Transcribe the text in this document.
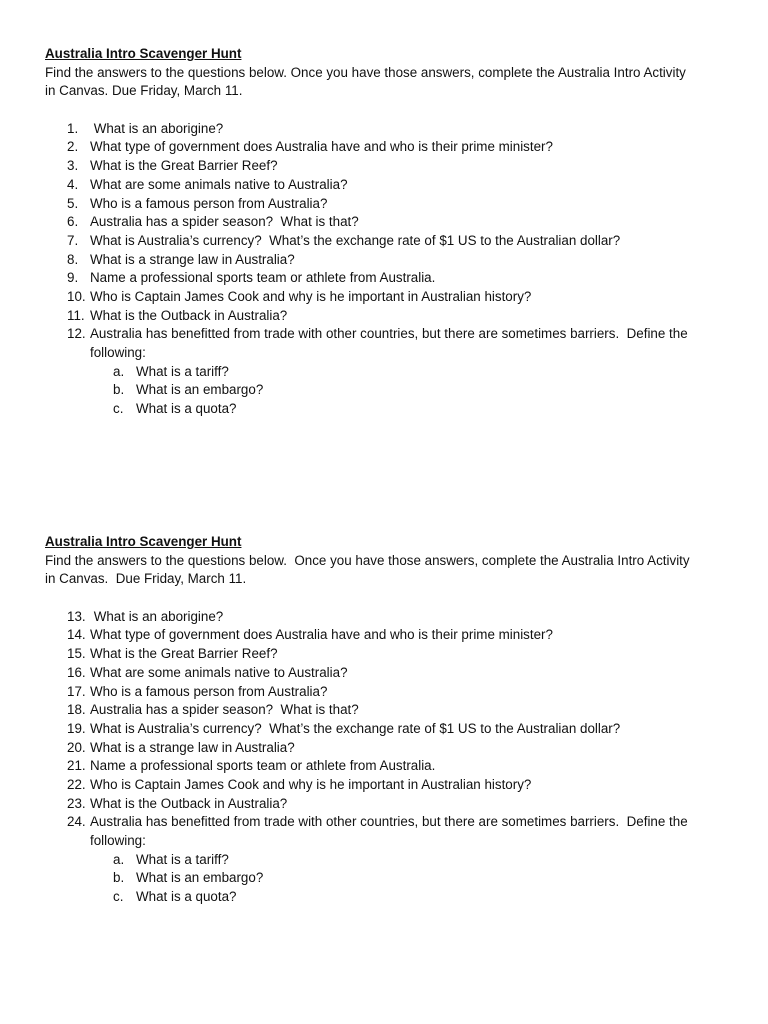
Australia Intro Scavenger Hunt
Find the answers to the questions below. Once you have those answers, complete the Australia Intro Activity
in Canvas. Due Friday, March 11.
1. What is an aborigine?
2. What type of government does Australia have and who is their prime minister?
3. What is the Great Barrier Reef?
4. What are some animals native to Australia?
5. Who is a famous person from Australia?
6. Australia has a spider season?  What is that?
7. What is Australia’s currency?  What’s the exchange rate of $1 US to the Australian dollar?
8. What is a strange law in Australia?
9. Name a professional sports team or athlete from Australia.
10. Who is Captain James Cook and why is he important in Australian history?
11. What is the Outback in Australia?
12. Australia has benefitted from trade with other countries, but there are sometimes barriers.  Define the
following:
a. What is a tariff?
b. What is an embargo?
c. What is a quota?
Australia Intro Scavenger Hunt
Find the answers to the questions below.  Once you have those answers, complete the Australia Intro Activity
in Canvas.  Due Friday, March 11.
13. What is an aborigine?
14. What type of government does Australia have and who is their prime minister?
15. What is the Great Barrier Reef?
16. What are some animals native to Australia?
17. Who is a famous person from Australia?
18. Australia has a spider season?  What is that?
19. What is Australia’s currency?  What’s the exchange rate of $1 US to the Australian dollar?
20. What is a strange law in Australia?
21. Name a professional sports team or athlete from Australia.
22. Who is Captain James Cook and why is he important in Australian history?
23. What is the Outback in Australia?
24. Australia has benefitted from trade with other countries, but there are sometimes barriers.  Define the
following:
a. What is a tariff?
b. What is an embargo?
c. What is a quota?
